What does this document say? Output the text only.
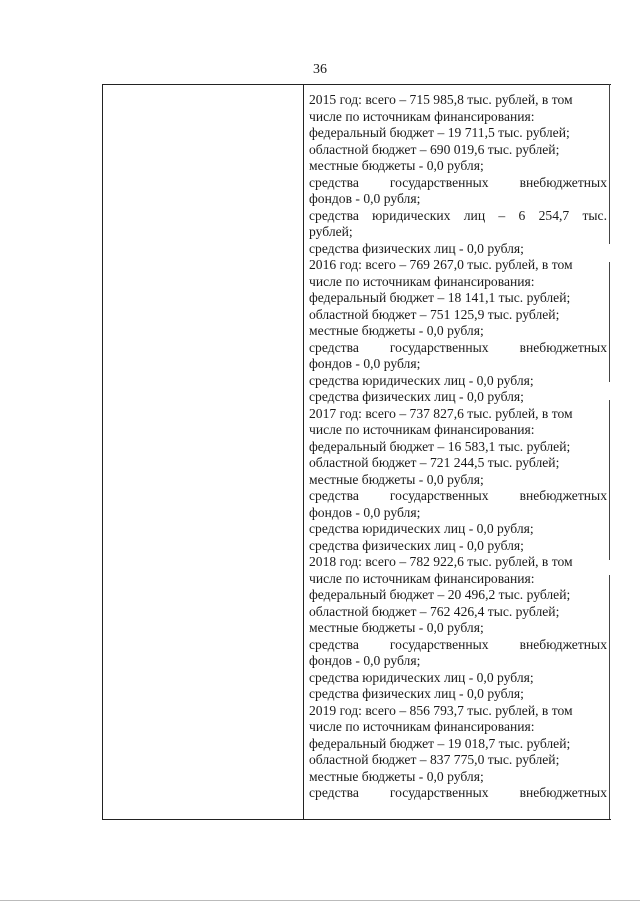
36
2015 год: всего – 715 985,8 тыс. рублей, в том
числе по источникам финансирования:
федеральный бюджет – 19 711,5 тыс. рублей;
областной бюджет – 690 019,6 тыс. рублей;
местные бюджеты - 0,0 рубля;
средства государственных внебюджетных
фондов - 0,0 рубля;
средства юридических лиц – 6 254,7 тыс.
рублей;
средства физических лиц - 0,0 рубля;
2016 год: всего – 769 267,0 тыс. рублей, в том
числе по источникам финансирования:
федеральный бюджет – 18 141,1 тыс. рублей;
областной бюджет – 751 125,9 тыс. рублей;
местные бюджеты - 0,0 рубля;
средства государственных внебюджетных
фондов - 0,0 рубля;
средства юридических лиц - 0,0 рубля;
средства физических лиц - 0,0 рубля;
2017 год: всего – 737 827,6 тыс. рублей, в том
числе по источникам финансирования:
федеральный бюджет – 16 583,1 тыс. рублей;
областной бюджет – 721 244,5 тыс. рублей;
местные бюджеты - 0,0 рубля;
средства государственных внебюджетных
фондов - 0,0 рубля;
средства юридических лиц - 0,0 рубля;
средства физических лиц - 0,0 рубля;
2018 год: всего – 782 922,6 тыс. рублей, в том
числе по источникам финансирования:
федеральный бюджет – 20 496,2 тыс. рублей;
областной бюджет – 762 426,4 тыс. рублей;
местные бюджеты - 0,0 рубля;
средства государственных внебюджетных
фондов - 0,0 рубля;
средства юридических лиц - 0,0 рубля;
средства физических лиц - 0,0 рубля;
2019 год: всего – 856 793,7 тыс. рублей, в том
числе по источникам финансирования:
федеральный бюджет – 19 018,7 тыс. рублей;
областной бюджет – 837 775,0 тыс. рублей;
местные бюджеты - 0,0 рубля;
средства государственных внебюджетных
